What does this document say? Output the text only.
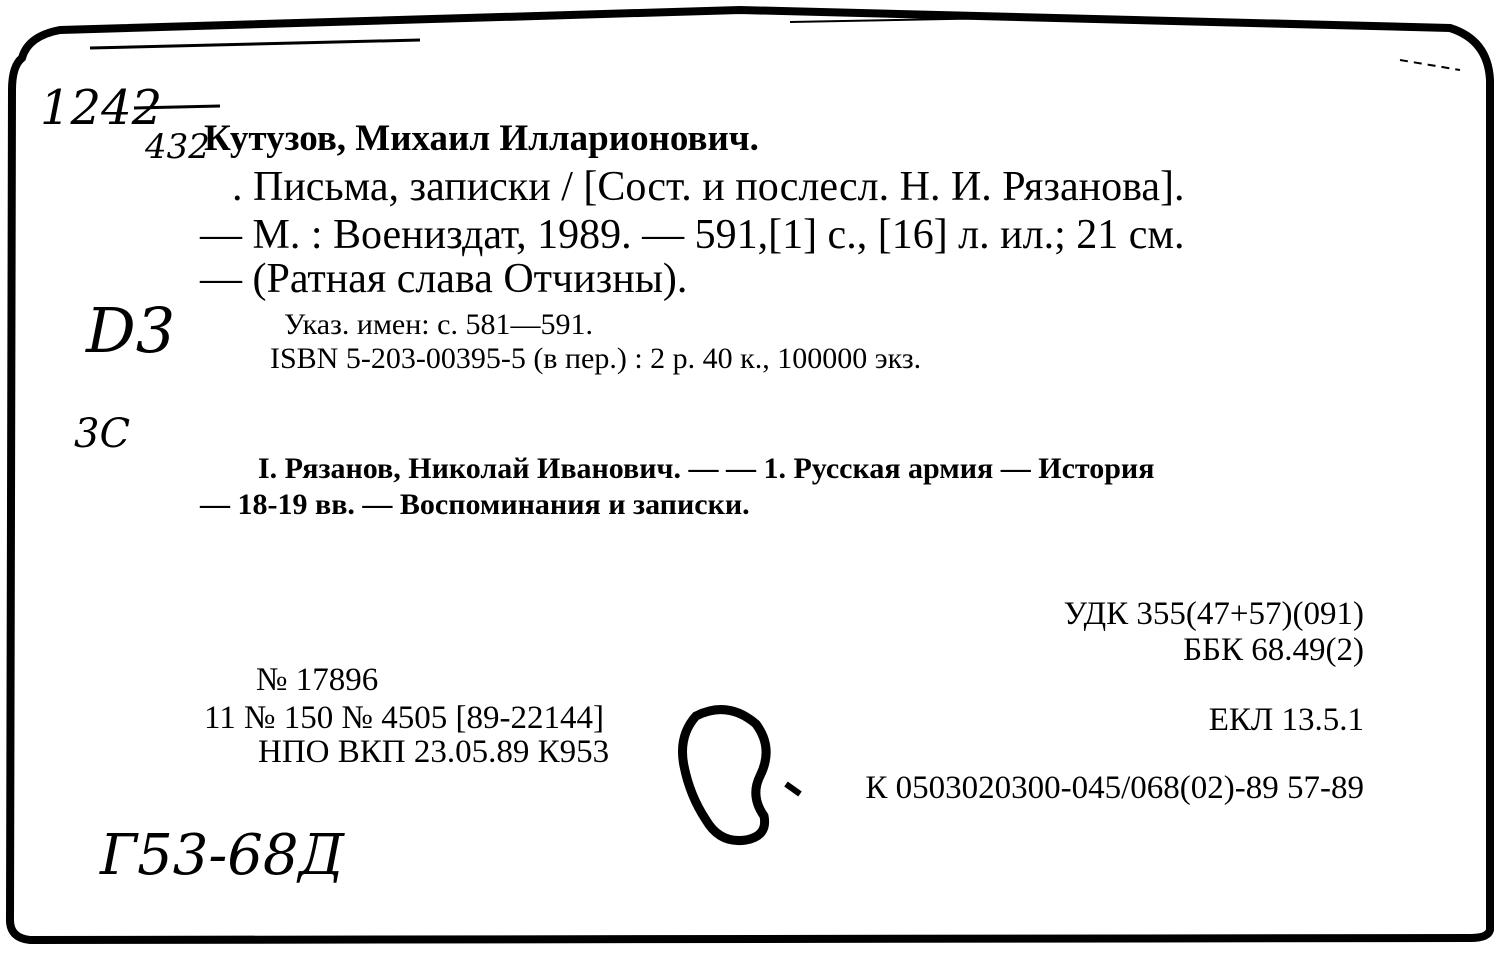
1242
432
D3
3C
Г53-68Д
Кутузов, Михаил Илларионович.
. Письма, записки / [Сост. и послесл. Н. И. Рязанова].
— М. : Воениздат, 1989. — 591,[1] с., [16] л. ил.; 21 см.
— (Ратная слава Отчизны).
Указ. имен: с. 581—591.
ISBN 5-203-00395-5 (в пер.) : 2 р. 40 к., 100000 экз.
I. Рязанов, Николай Иванович. — — 1. Русская армия — История
— 18-19 вв. — Воспоминания и записки.
УДК 355(47+57)(091)
ББК 68.49(2)
ЕКЛ 13.5.1
К 0503020300-045/068(02)-89 57-89
№ 17896
11 № 150 № 4505 [89-22144]
НПО ВКП 23.05.89 К953
